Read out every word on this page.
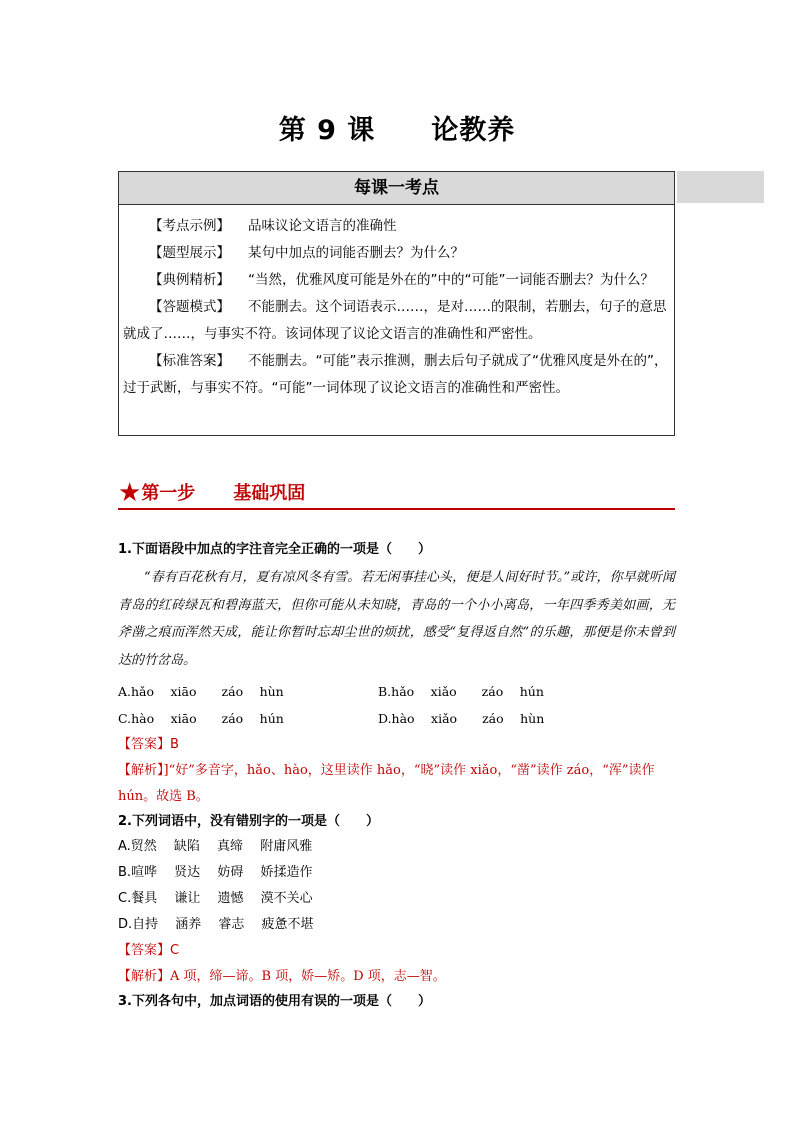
第 9 课 论教养
每课一考点
【考点示例】 品味议论文语言的准确性
【题型展示】 某句中加点的词能否删去？为什么？
【典例精析】 “当然，优雅风度可能是外在的”中的“可能”一词能否删去？为什么？
【答题模式】 不能删去。这个词语表示……，是对……的限制，若删去，句子的意思就成了……，与事实不符。该词体现了议论文语言的准确性和严密性。
【标准答案】 不能删去。“可能”表示推测，删去后句子就成了“优雅风度是外在的”，过于武断，与事实不符。“可能”一词体现了议论文语言的准确性和严密性。
★第一步 基础巩固
1.下面语段中加点的字注音完全正确的一项是（　　）
“春有百花秋有月，夏有凉风冬有雪。若无闲事挂心头，便是人间好时节。”或许，你早就听闻青岛的红砖绿瓦和碧海蓝天，但你可能从未知晓，青岛的一个小小离岛，一年四季秀美如画，无斧凿之痕而浑然天成，能让你暂时忘却尘世的烦扰，感受“复得返自然”的乐趣，那便是你未曾到达的竹岔岛。
A.hǎo　 xiāo　　záo　 hùn	B.hǎo　 xiǎo　　záo　 hún
C.hào　 xiāo　　záo　 hún	D.hào　 xiǎo　　záo　 hùn
【答案】B
【解析】]“好”多音字，hǎo、hào，这里读作 hǎo，“晓”读作 xiǎo，“凿”读作 záo，“浑”读作 hún。故选 B。
2.下列词语中，没有错别字的一项是（　　）
A.贸然　 缺陷　 真缔　 附庸风雅
B.喧哗　 贤达　 妨碍　 娇揉造作
C.餐具　 谦让　 遗憾　 漠不关心
D.自持　 涵养　 睿志　 疲惫不堪
【答案】C
【解析】A 项，缔—谛。B 项，娇—矫。D 项，志—智。
3.下列各句中，加点词语的使用有误的一项是（　　）
